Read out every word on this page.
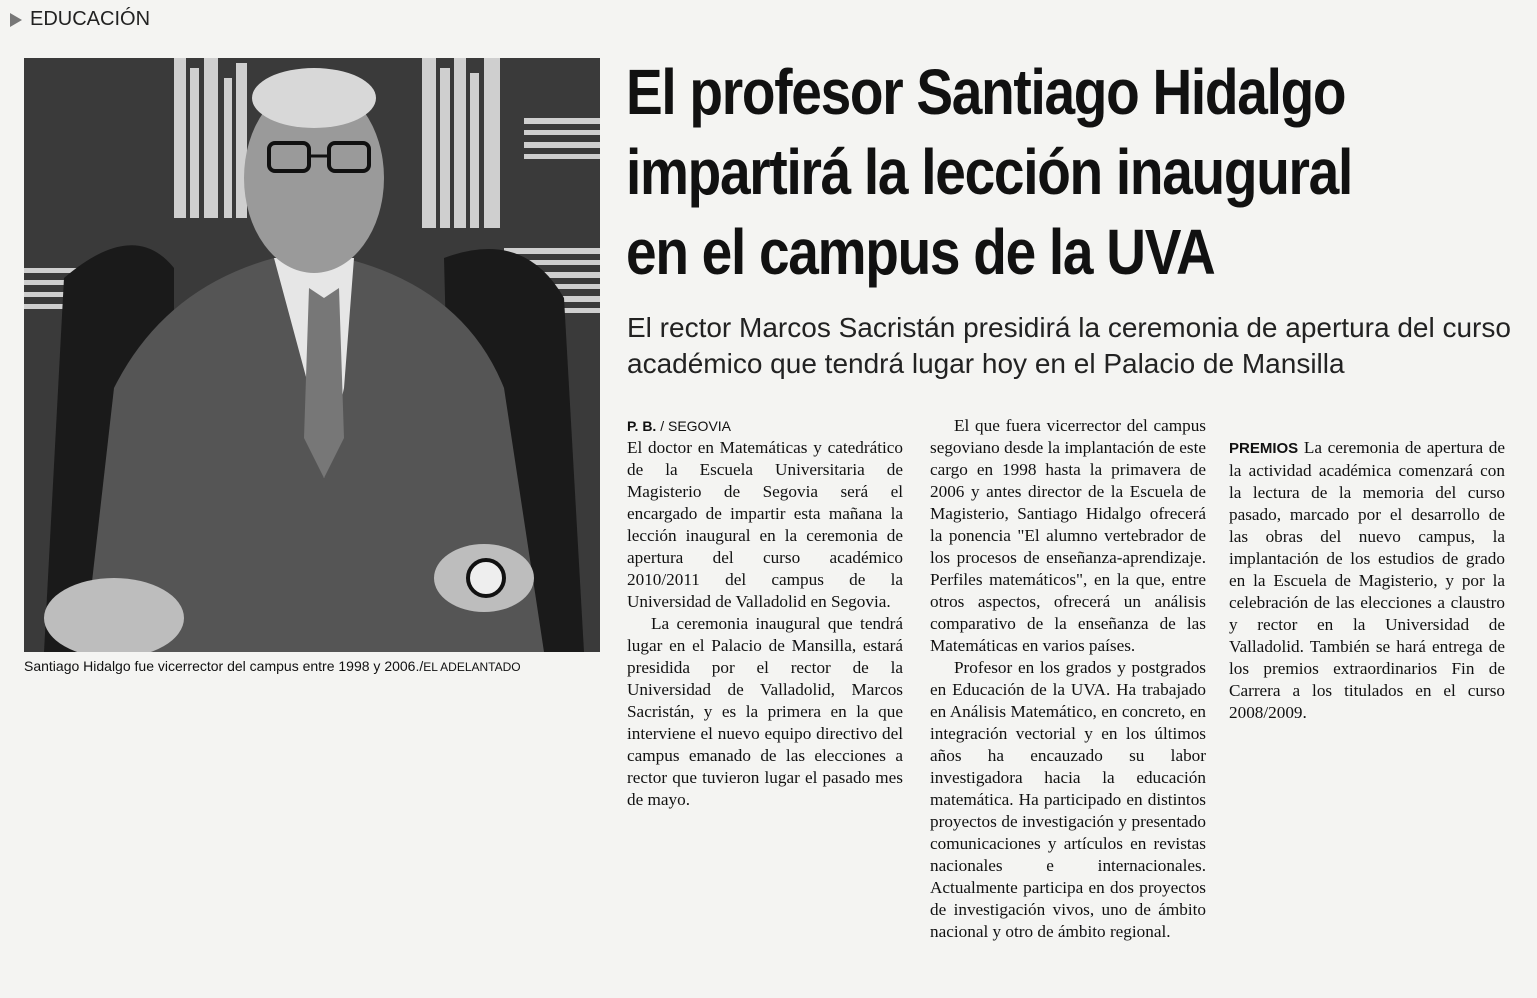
EDUCACIÓN
Santiago Hidalgo fue vicerrector del campus entre 1998 y 2006./EL ADELANTADO
El profesor Santiago Hidalgo impartirá la lección inaugural en el campus de la UVA

El rector Marcos Sacristán presidirá la ceremonia de apertura del curso académico que tendrá lugar hoy en el Palacio de Mansilla

P. B. / SEGOVIA

El doctor en Matemáticas y catedrático de la Escuela Universitaria de Magisterio de Segovia será el encargado de impartir esta mañana la lección inaugural en la ceremonia de apertura del curso académico 2010/2011 del campus de la Universidad de Valladolid en Segovia.

La ceremonia inaugural que tendrá lugar en el Palacio de Mansilla, estará presidida por el rector de la Universidad de Valladolid, Marcos Sacristán, y es la primera en la que interviene el nuevo equipo directivo del campus emanado de las elecciones a rector que tuvieron lugar el pasado mes de mayo.

El que fuera vicerrector del campus segoviano desde la implantación de este cargo en 1998 hasta la primavera de 2006 y antes director de la Escuela de Magisterio, Santiago Hidalgo ofrecerá la ponencia "El alumno vertebrador de los procesos de enseñanza-aprendizaje. Perfiles matemáticos", en la que, entre otros aspectos, ofrecerá un análisis comparativo de la enseñanza de las Matemáticas en varios países.

Profesor en los grados y postgrados en Educación de la UVA. Ha trabajado en Análisis Matemático, en concreto, en integración vectorial y en los últimos años ha encauzado su labor investigadora hacia la educación matemática. Ha participado en distintos proyectos de investigación y presentado comunicaciones y artículos en revistas nacionales e internacionales. Actualmente participa en dos proyectos de investigación vivos, uno de ámbito nacional y otro de ámbito regional.

PREMIOS La ceremonia de apertura de la actividad académica comenzará con la lectura de la memoria del curso pasado, marcado por el desarrollo de las obras del nuevo campus, la implantación de los estudios de grado en la Escuela de Magisterio, y por la celebración de las elecciones a claustro y rector en la Universidad de Valladolid. También se hará entrega de los premios extraordinarios Fin de Carrera a los titulados en el curso 2008/2009.
